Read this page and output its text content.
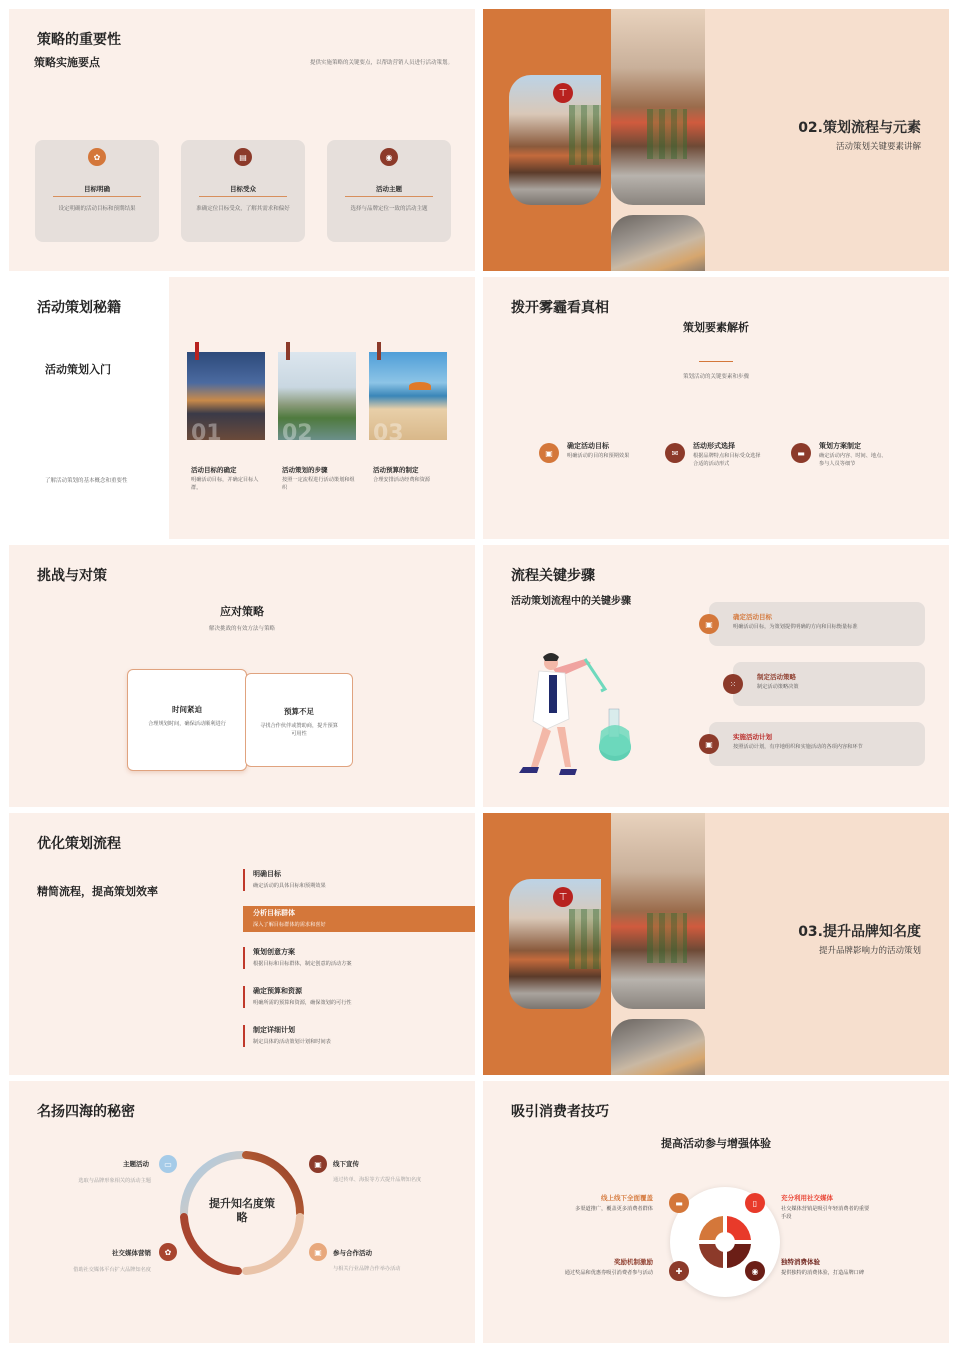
策略的重要性
策略实施要点	提供实施策略的关键要点，以帮助营销人员进行活动策划。
✿
目标明确
设定明确的活动目标和预期结果
▤
目标受众
准确定位目标受众，了解其需求和偏好
◉
活动主题
选择与品牌定位一致的活动主题
⊤
02.策划流程与元素
活动策划关键要素讲解
活动策划秘籍
活动策划入门
了解活动策划的基本概念和重要性
01
活动目标的确定
明确活动目标，并确定目标人群。
02
活动策划的步骤
按照一定流程进行活动策划和组织
03
活动预算的制定
合理安排活动经费和资源
拨开雾霾看真相
策划要素解析
策划活动的关键要素和步骤
▣
确定活动目标
明确活动的目的和预期效果	✉
活动形式选择
根据品牌特点和目标受众选择合适的活动形式
▬
策划方案制定
确定活动内容、时间、地点、参与人员等细节
挑战与对策
应对策略
解决挑战的有效方法与策略
时间紧迫
合理规划时间，确保活动顺利进行
预算不足
寻找合作伙伴或赞助商，提升预算可用性
流程关键步骤
活动策划流程中的关键步骤
▣
确定活动目标
明确活动目标，为策划提供明确的方向和目标衡量标准
⁙
制定活动策略
制定活动策略决策
▣
实施活动计划
按照活动计划，有序地组织和实施活动的各项内容和环节
优化策划流程
精简流程，提高策划效率
明确目标
确定活动的具体目标和预期效果
分析目标群体
深入了解目标群体的需求和喜好
策划创意方案
根据目标和目标群体，制定创意的活动方案
确定预算和资源
明确所需的预算和资源，确保策划的可行性
制定详细计划
制定具体的活动策划计划和时间表
⊤
03.提升品牌知名度
提升品牌影响力的活动策划
名扬四海的秘密
提升知名度策略
主题活动
选取与品牌形象相关的活动主题
▭	线下宣传
通过传单、海报等方式提升品牌知名度
▣
社交媒体营销
借助社交媒体平台扩大品牌知名度
✿	参与合作活动
与相关行业品牌合作举办活动
▣
吸引消费者技巧
提高活动参与增强体验
▬	▯
✚	◉
线上线下全面覆盖
多渠道推广，覆盖更多消费者群体
充分利用社交媒体
社交媒体营销是吸引年轻消费者的重要手段
奖励机制激励
通过奖品和优惠券吸引消费者参与活动
独特消费体验
提供独特的消费体验，打造品牌口碑
